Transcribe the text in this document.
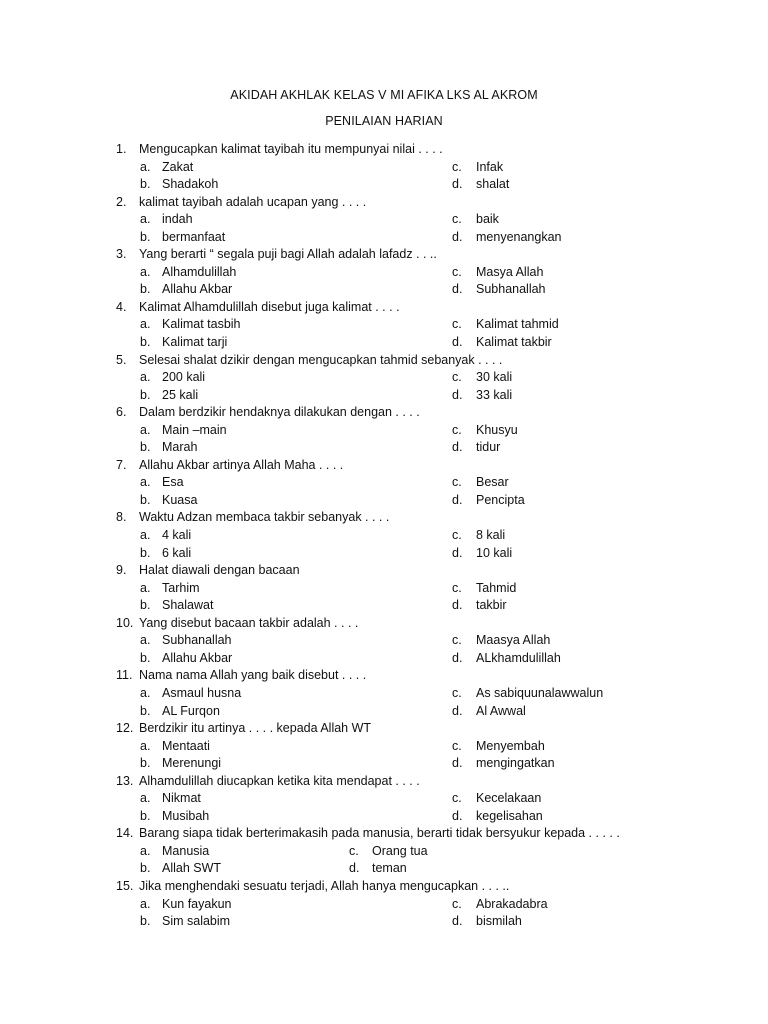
AKIDAH AKHLAK KELAS V MI AFIKA LKS AL AKROM
PENILAIAN HARIAN
1. Mengucapkan kalimat tayibah itu mempunyai nilai . . . .
a. Zakat	c. Infak
b. Shadakoh	d. shalat
2. kalimat tayibah adalah ucapan yang . . . .
a. indah	c. baik
b. bermanfaat	d. menyenangkan
3. Yang berarti “ segala puji bagi Allah adalah lafadz . . ..
a. Alhamdulillah	c. Masya Allah
b. Allahu Akbar	d. Subhanallah
4. Kalimat Alhamdulillah disebut juga kalimat . . . .
a. Kalimat tasbih	c. Kalimat tahmid
b. Kalimat tarji	d. Kalimat takbir
5. Selesai shalat dzikir dengan mengucapkan tahmid sebanyak . . . .
a. 200 kali	c. 30 kali
b. 25 kali	d. 33 kali
6. Dalam berdzikir hendaknya dilakukan dengan . . . .
a. Main –main	c. Khusyu
b. Marah	d. tidur
7. Allahu Akbar artinya Allah Maha . . . .
a. Esa	c. Besar
b. Kuasa	d. Pencipta
8. Waktu Adzan membaca takbir sebanyak . . . .
a. 4 kali	c. 8 kali
b. 6 kali	d. 10 kali
9. Halat diawali dengan bacaan
a. Tarhim	c. Tahmid
b. Shalawat	d. takbir
10. Yang disebut bacaan takbir adalah . . . .
a. Subhanallah	c. Maasya Allah
b. Allahu Akbar	d. ALkhamdulillah
11. Nama nama Allah yang baik disebut . . . .
a. Asmaul husna	c. As sabiquunalawwalun
b. AL Furqon	d. Al Awwal
12. Berdzikir itu artinya . . . . kepada Allah WT
a. Mentaati	c. Menyembah
b. Merenungi	d. mengingatkan
13. Alhamdulillah diucapkan ketika kita mendapat . . . .
a. Nikmat	c. Kecelakaan
b. Musibah	d. kegelisahan
14. Barang siapa tidak berterimakasih pada manusia, berarti tidak bersyukur kepada . . . . .
a. Manusia	c. Orang tua
b. Allah SWT	d. teman
15. Jika menghendaki sesuatu terjadi, Allah hanya mengucapkan . . . ..
a. Kun fayakun	c. Abrakadabra
b. Sim salabim	d. bismilah
